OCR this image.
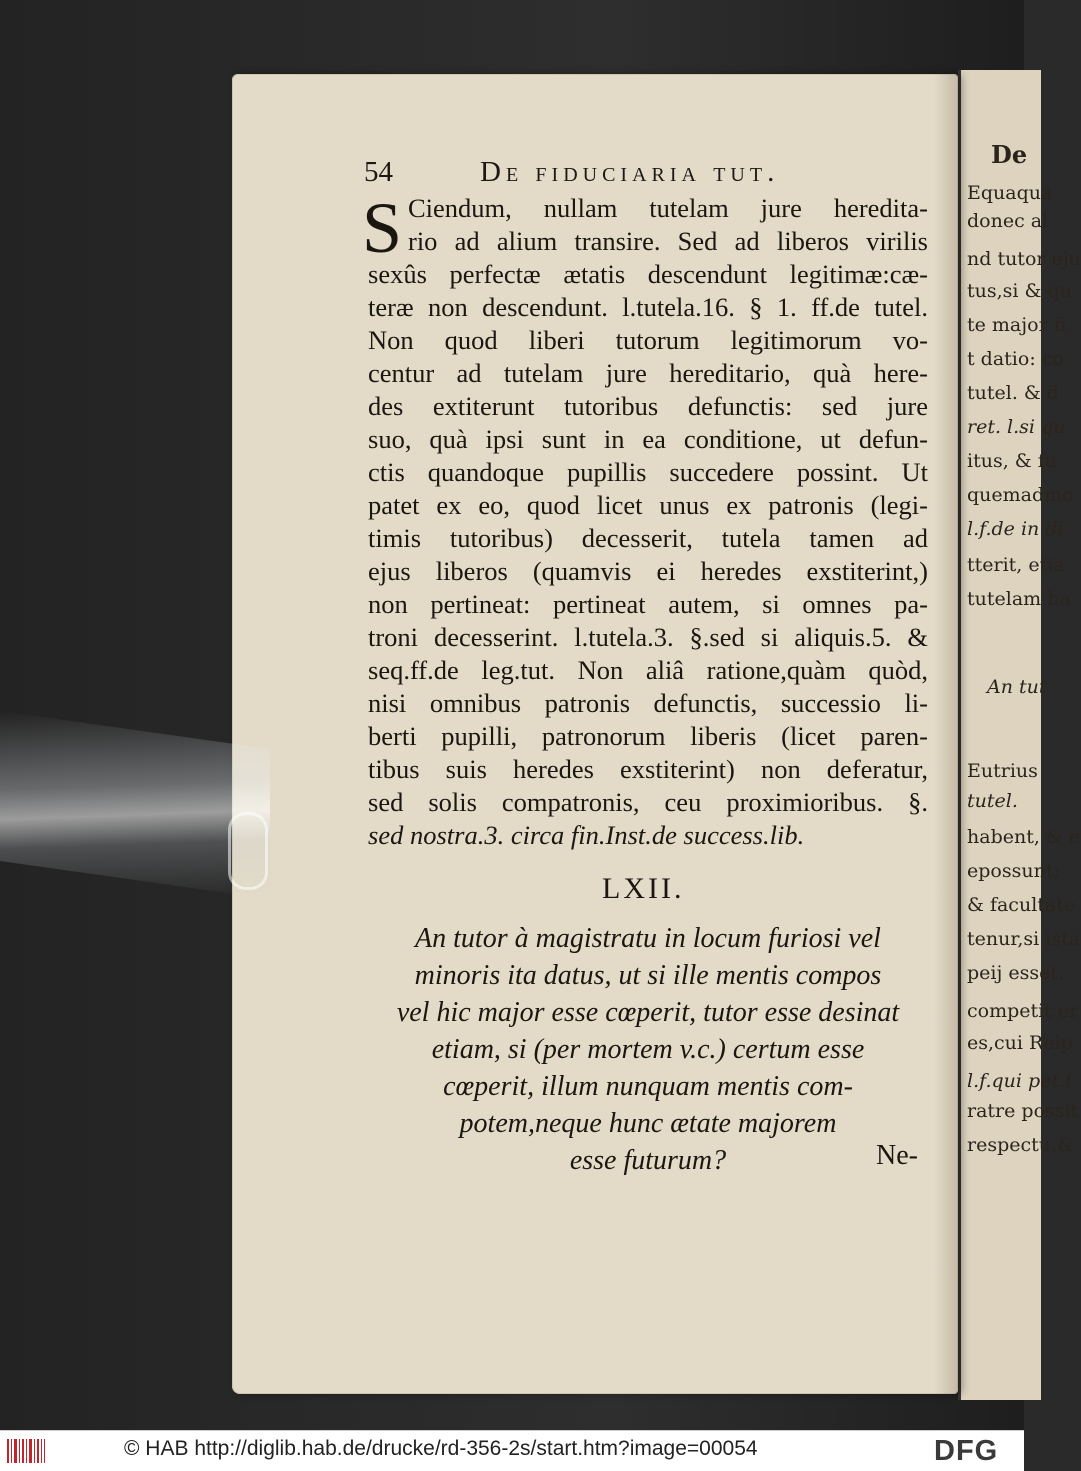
De
Equaqua
donec al
nd tutor eju
tus,si & qu
te major fi
t datio: co
tutel. & d
ret. l.si qu
itus, & fu
quemadmo
l.f.de in di
tterit, etia
tutelam ha
An tut
Eutrius
tutel.
habent, & e
epossunt;
& facultate
tenur,si ista
peij esset.
competit er
es,cui Reip
l.f.qui pet.t
ratre possit
respectu,&
54	De fiduciaria tut.
S Ciendum, nullam tutelam jure heredita-
rio ad alium transire. Sed ad liberos virilis
sexûs perfectæ ætatis descendunt legitimæ:cæ-
teræ non descendunt. l.tutela.16. § 1. ff.de tutel.
Non quod liberi tutorum legitimorum vo-
centur ad tutelam jure hereditario, quà here-
des extiterunt tutoribus defunctis: sed jure
suo, quà ipsi sunt in ea conditione, ut defun-
ctis quandoque pupillis succedere possint. Ut
patet ex eo, quod licet unus ex patronis (legi-
timis tutoribus) decesserit, tutela tamen ad
ejus liberos (quamvis ei heredes exstiterint,)
non pertineat: pertineat autem, si omnes pa-
troni decesserint. l.tutela.3. §.sed si aliquis.5. &
seq.ff.de leg.tut. Non aliâ ratione,quàm quòd,
nisi omnibus patronis defunctis, successio li-
berti pupilli, patronorum liberis (licet paren-
tibus suis heredes exstiterint) non deferatur,
sed solis compatronis, ceu proximioribus. §.
sed nostra.3. circa fin.Inst.de success.lib.
LXII.
An tutor à magistratu in locum furiosi vel
minoris ita datus, ut si ille mentis compos
vel hic major esse cœperit, tutor esse desinat
etiam, si (per mortem v.c.) certum esse
cœperit, illum nunquam mentis com-
potem,neque hunc ætate majorem
esse futurum?	Ne-
© HAB http://diglib.hab.de/drucke/rd-356-2s/start.htm?image=00054	DFG
